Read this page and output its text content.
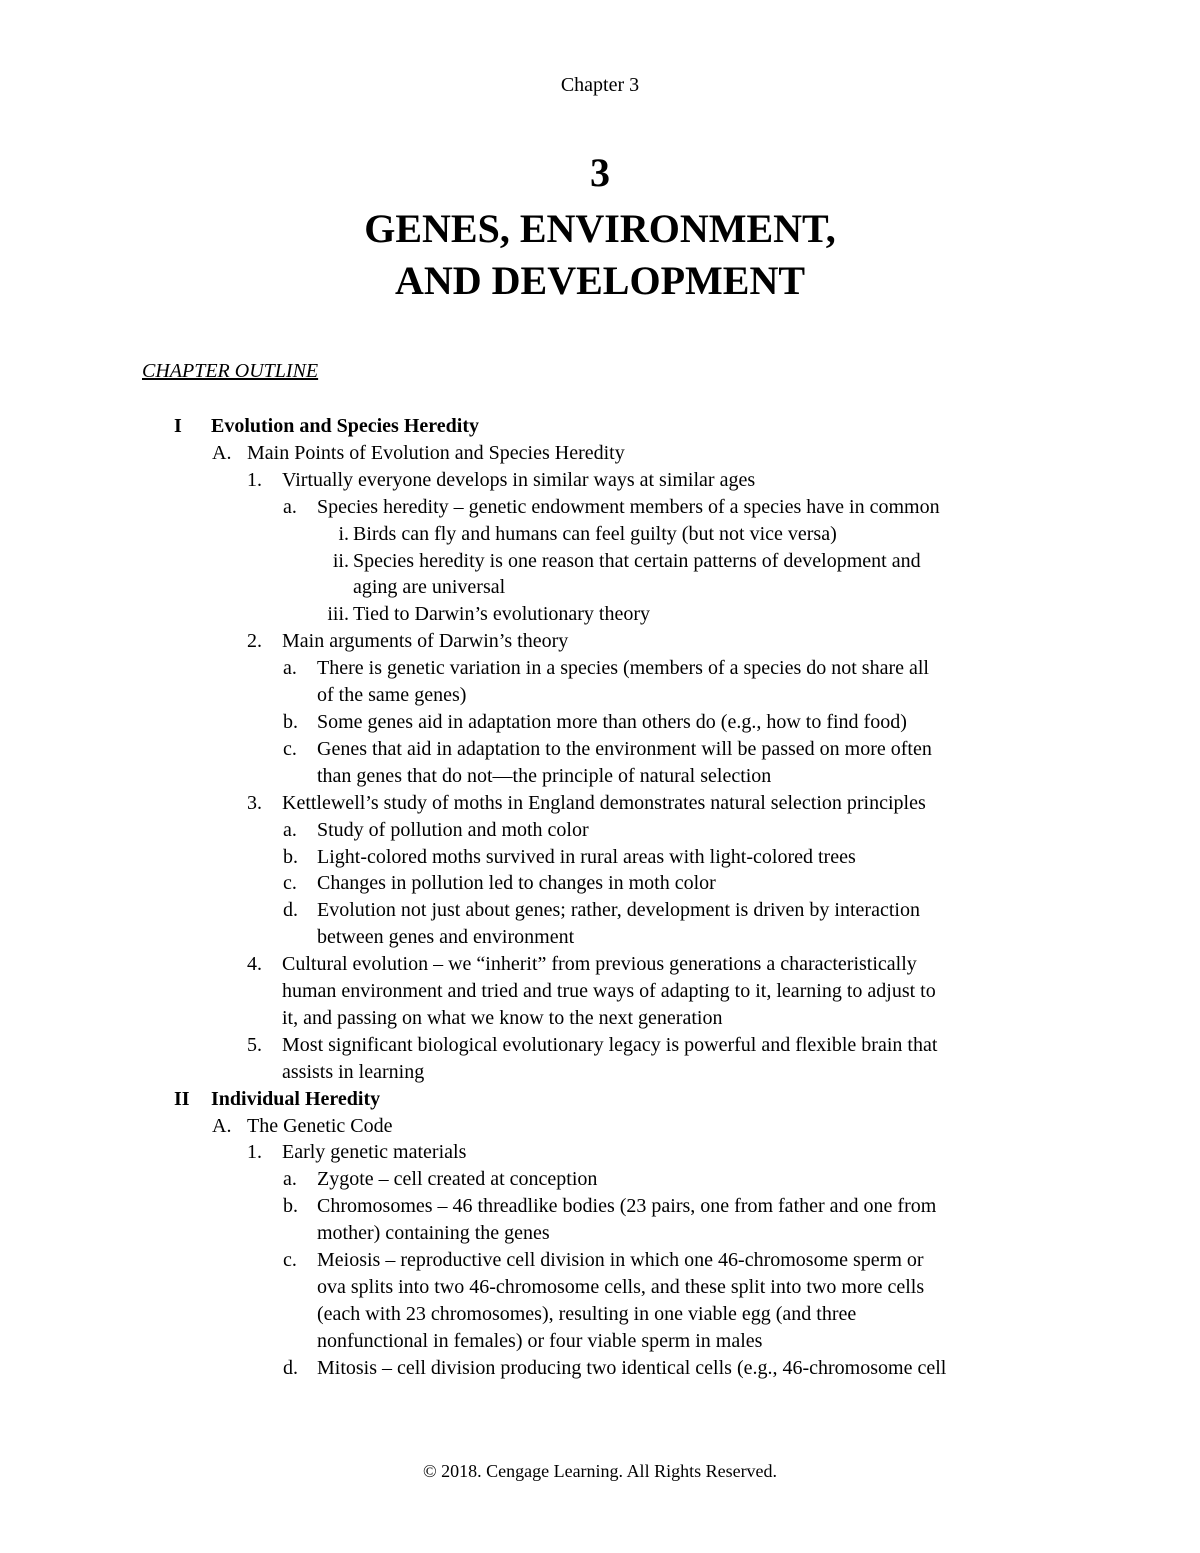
Chapter 3
3
GENES, ENVIRONMENT,
AND DEVELOPMENT
CHAPTER OUTLINE
I Evolution and Species Heredity
A. Main Points of Evolution and Species Heredity
1. Virtually everyone develops in similar ways at similar ages
a. Species heredity – genetic endowment members of a species have in common
i. Birds can fly and humans can feel guilty (but not vice versa)
ii. Species heredity is one reason that certain patterns of development and
aging are universal
iii. Tied to Darwin’s evolutionary theory
2. Main arguments of Darwin’s theory
a. There is genetic variation in a species (members of a species do not share all
of the same genes)
b. Some genes aid in adaptation more than others do (e.g., how to find food)
c. Genes that aid in adaptation to the environment will be passed on more often
than genes that do not—the principle of natural selection
3. Kettlewell’s study of moths in England demonstrates natural selection principles
a. Study of pollution and moth color
b. Light-colored moths survived in rural areas with light-colored trees
c. Changes in pollution led to changes in moth color
d. Evolution not just about genes; rather, development is driven by interaction
between genes and environment
4. Cultural evolution – we “inherit” from previous generations a characteristically
human environment and tried and true ways of adapting to it, learning to adjust to
it, and passing on what we know to the next generation
5. Most significant biological evolutionary legacy is powerful and flexible brain that
assists in learning
II Individual Heredity
A. The Genetic Code
1. Early genetic materials
a. Zygote – cell created at conception
b. Chromosomes – 46 threadlike bodies (23 pairs, one from father and one from
mother) containing the genes
c. Meiosis – reproductive cell division in which one 46-chromosome sperm or
ova splits into two 46-chromosome cells, and these split into two more cells
(each with 23 chromosomes), resulting in one viable egg (and three
nonfunctional in females) or four viable sperm in males
d. Mitosis – cell division producing two identical cells (e.g., 46-chromosome cell
© 2018. Cengage Learning. All Rights Reserved.
